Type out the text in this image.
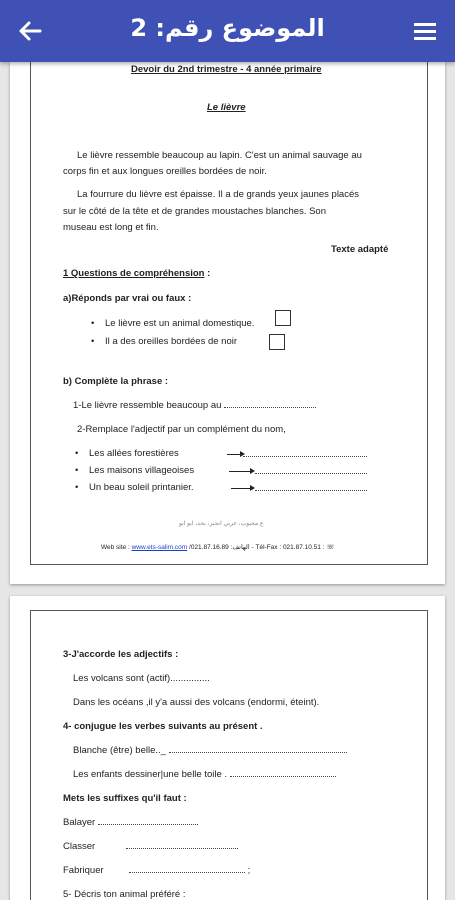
الموضوع رقم: 2
Devoir du 2nd trimestre - 4 année primaire
Le lièvre
Le lièvre ressemble beaucoup au lapin. C'est un animal sauvage au
corps fin et aux longues oreilles bordées de noir.
La fourrure du lièvre est épaisse. Il a de grands yeux jaunes placés
sur le côté de la tête et de grandes moustaches blanches. Son
museau est long et fin.
Texte adapté
1 Questions de compréhension :
a)Réponds par vrai ou faux :
• Le lièvre est un animal domestique.
• Il a des oreilles bordées de noir
b) Complète la phrase :
1-Le lièvre ressemble beaucoup au
2-Remplace l'adjectif par un complément du nom,
• Les allées forestières
• Les maisons villageoises
• Un beau soleil printanier.
ع محبوب، عربي انجبر، بحد، ابو ابو
Web site : www.ets-salim.com /021.87.16.89 :الهاتف - Tél-Fax : 021.87.10.51 : ☏
3-J'accorde les adjectifs :
Les volcans sont (actif)...............
Dans les océans ,il y'a aussi des volcans (endormi, éteint).
4- conjugue les verbes suivants au présent .
Blanche (être) belle.._
Les enfants dessiner|une belle toile .
Mets les suffixes qu'il faut :
Balayer
Classer
Fabriquer	;
5- Décris ton animal préféré :
